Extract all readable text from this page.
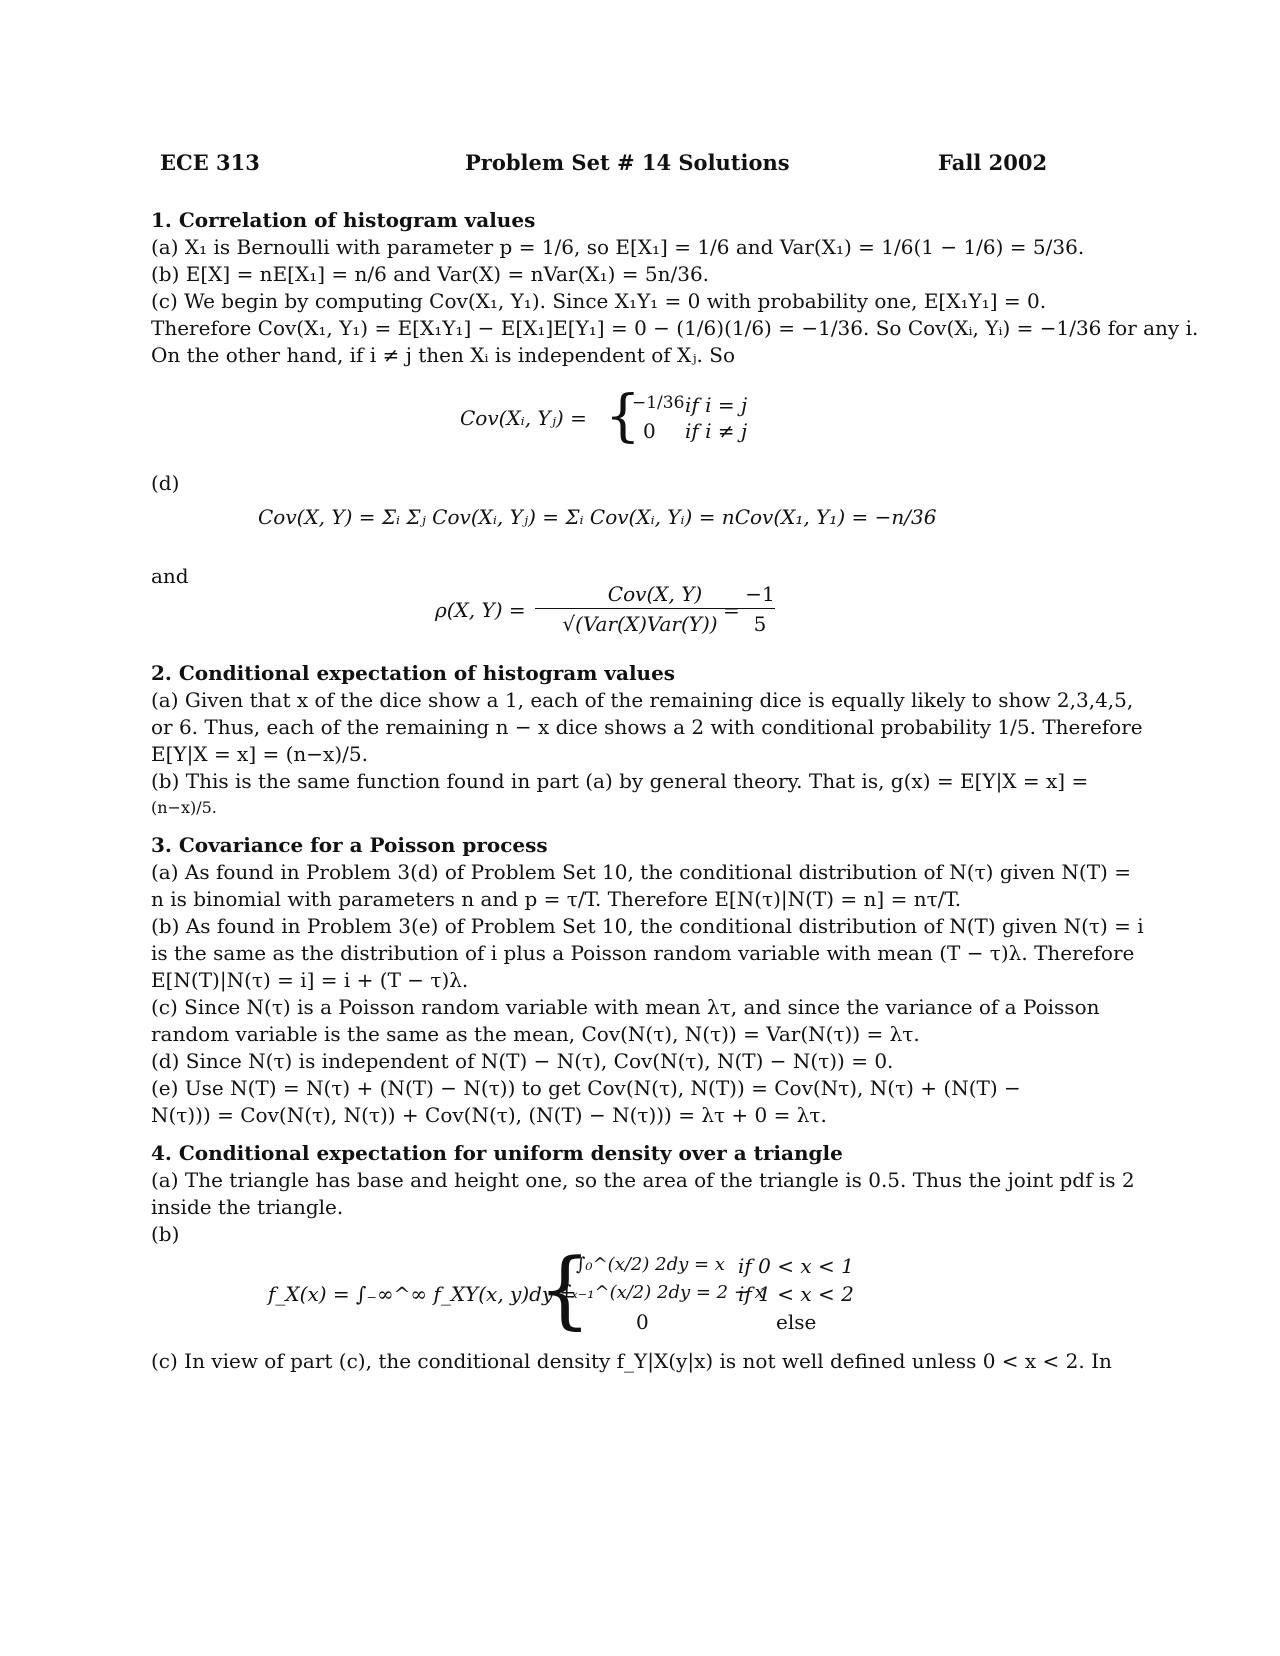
ECE 313	Problem Set # 14 Solutions	Fall 2002
1. Correlation of histogram values
(a) X₁ is Bernoulli with parameter p = 1/6, so E[X₁] = 1/6 and Var(X₁) = 1/6(1 − 1/6) = 5/36.
(b) E[X] = nE[X₁] = n/6 and Var(X) = nVar(X₁) = 5n/36.
(c) We begin by computing Cov(X₁, Y₁). Since X₁Y₁ = 0 with probability one, E[X₁Y₁] = 0.
Therefore Cov(X₁, Y₁) = E[X₁Y₁] − E[X₁]E[Y₁] = 0 − (1/6)(1/6) = −1/36. So Cov(Xᵢ, Yᵢ) = −1/36 for any i.
On the other hand, if i ≠ j then Xᵢ is independent of Xⱼ. So
Cov(Xᵢ, Yⱼ) = {
−1/36 if i = j
0 if i ≠ j
(d)
Cov(X, Y) = Σᵢ Σⱼ Cov(Xᵢ, Yⱼ) = Σᵢ Cov(Xᵢ, Yᵢ) = nCov(X₁, Y₁) = −n/36
and
ρ(X, Y) =
Cov(X, Y)
√(Var(X)Var(Y))
=
−1
5
2. Conditional expectation of histogram values
(a) Given that x of the dice show a 1, each of the remaining dice is equally likely to show 2,3,4,5,
or 6. Thus, each of the remaining n − x dice shows a 2 with conditional probability 1/5. Therefore
E[Y|X = x] = (n−x)/5.
(b) This is the same function found in part (a) by general theory. That is, g(x) = E[Y|X = x] =
(n−x)/5.
3. Covariance for a Poisson process
(a) As found in Problem 3(d) of Problem Set 10, the conditional distribution of N(τ) given N(T) =
n is binomial with parameters n and p = τ/T. Therefore E[N(τ)|N(T) = n] = nτ/T.
(b) As found in Problem 3(e) of Problem Set 10, the conditional distribution of N(T) given N(τ) = i
is the same as the distribution of i plus a Poisson random variable with mean (T − τ)λ. Therefore
E[N(T)|N(τ) = i] = i + (T − τ)λ.
(c) Since N(τ) is a Poisson random variable with mean λτ, and since the variance of a Poisson
random variable is the same as the mean, Cov(N(τ), N(τ)) = Var(N(τ)) = λτ.
(d) Since N(τ) is independent of N(T) − N(τ), Cov(N(τ), N(T) − N(τ)) = 0.
(e) Use N(T) = N(τ) + (N(T) − N(τ)) to get Cov(N(τ), N(T)) = Cov(Nτ), N(τ) + (N(T) −
N(τ))) = Cov(N(τ), N(τ)) + Cov(N(τ), (N(T) − N(τ))) = λτ + 0 = λτ.
4. Conditional expectation for uniform density over a triangle
(a) The triangle has base and height one, so the area of the triangle is 0.5. Thus the joint pdf is 2
inside the triangle.
(b)
f_X(x) = ∫₋∞^∞ f_XY(x, y)dy =
{
∫₀^(x/2) 2dy = x if 0 < x < 1
∫ₓ₋₁^(x/2) 2dy = 2 − x
if 1 < x < 2
0	else
(c) In view of part (c), the conditional density f_Y|X(y|x) is not well defined unless 0 < x < 2. In
